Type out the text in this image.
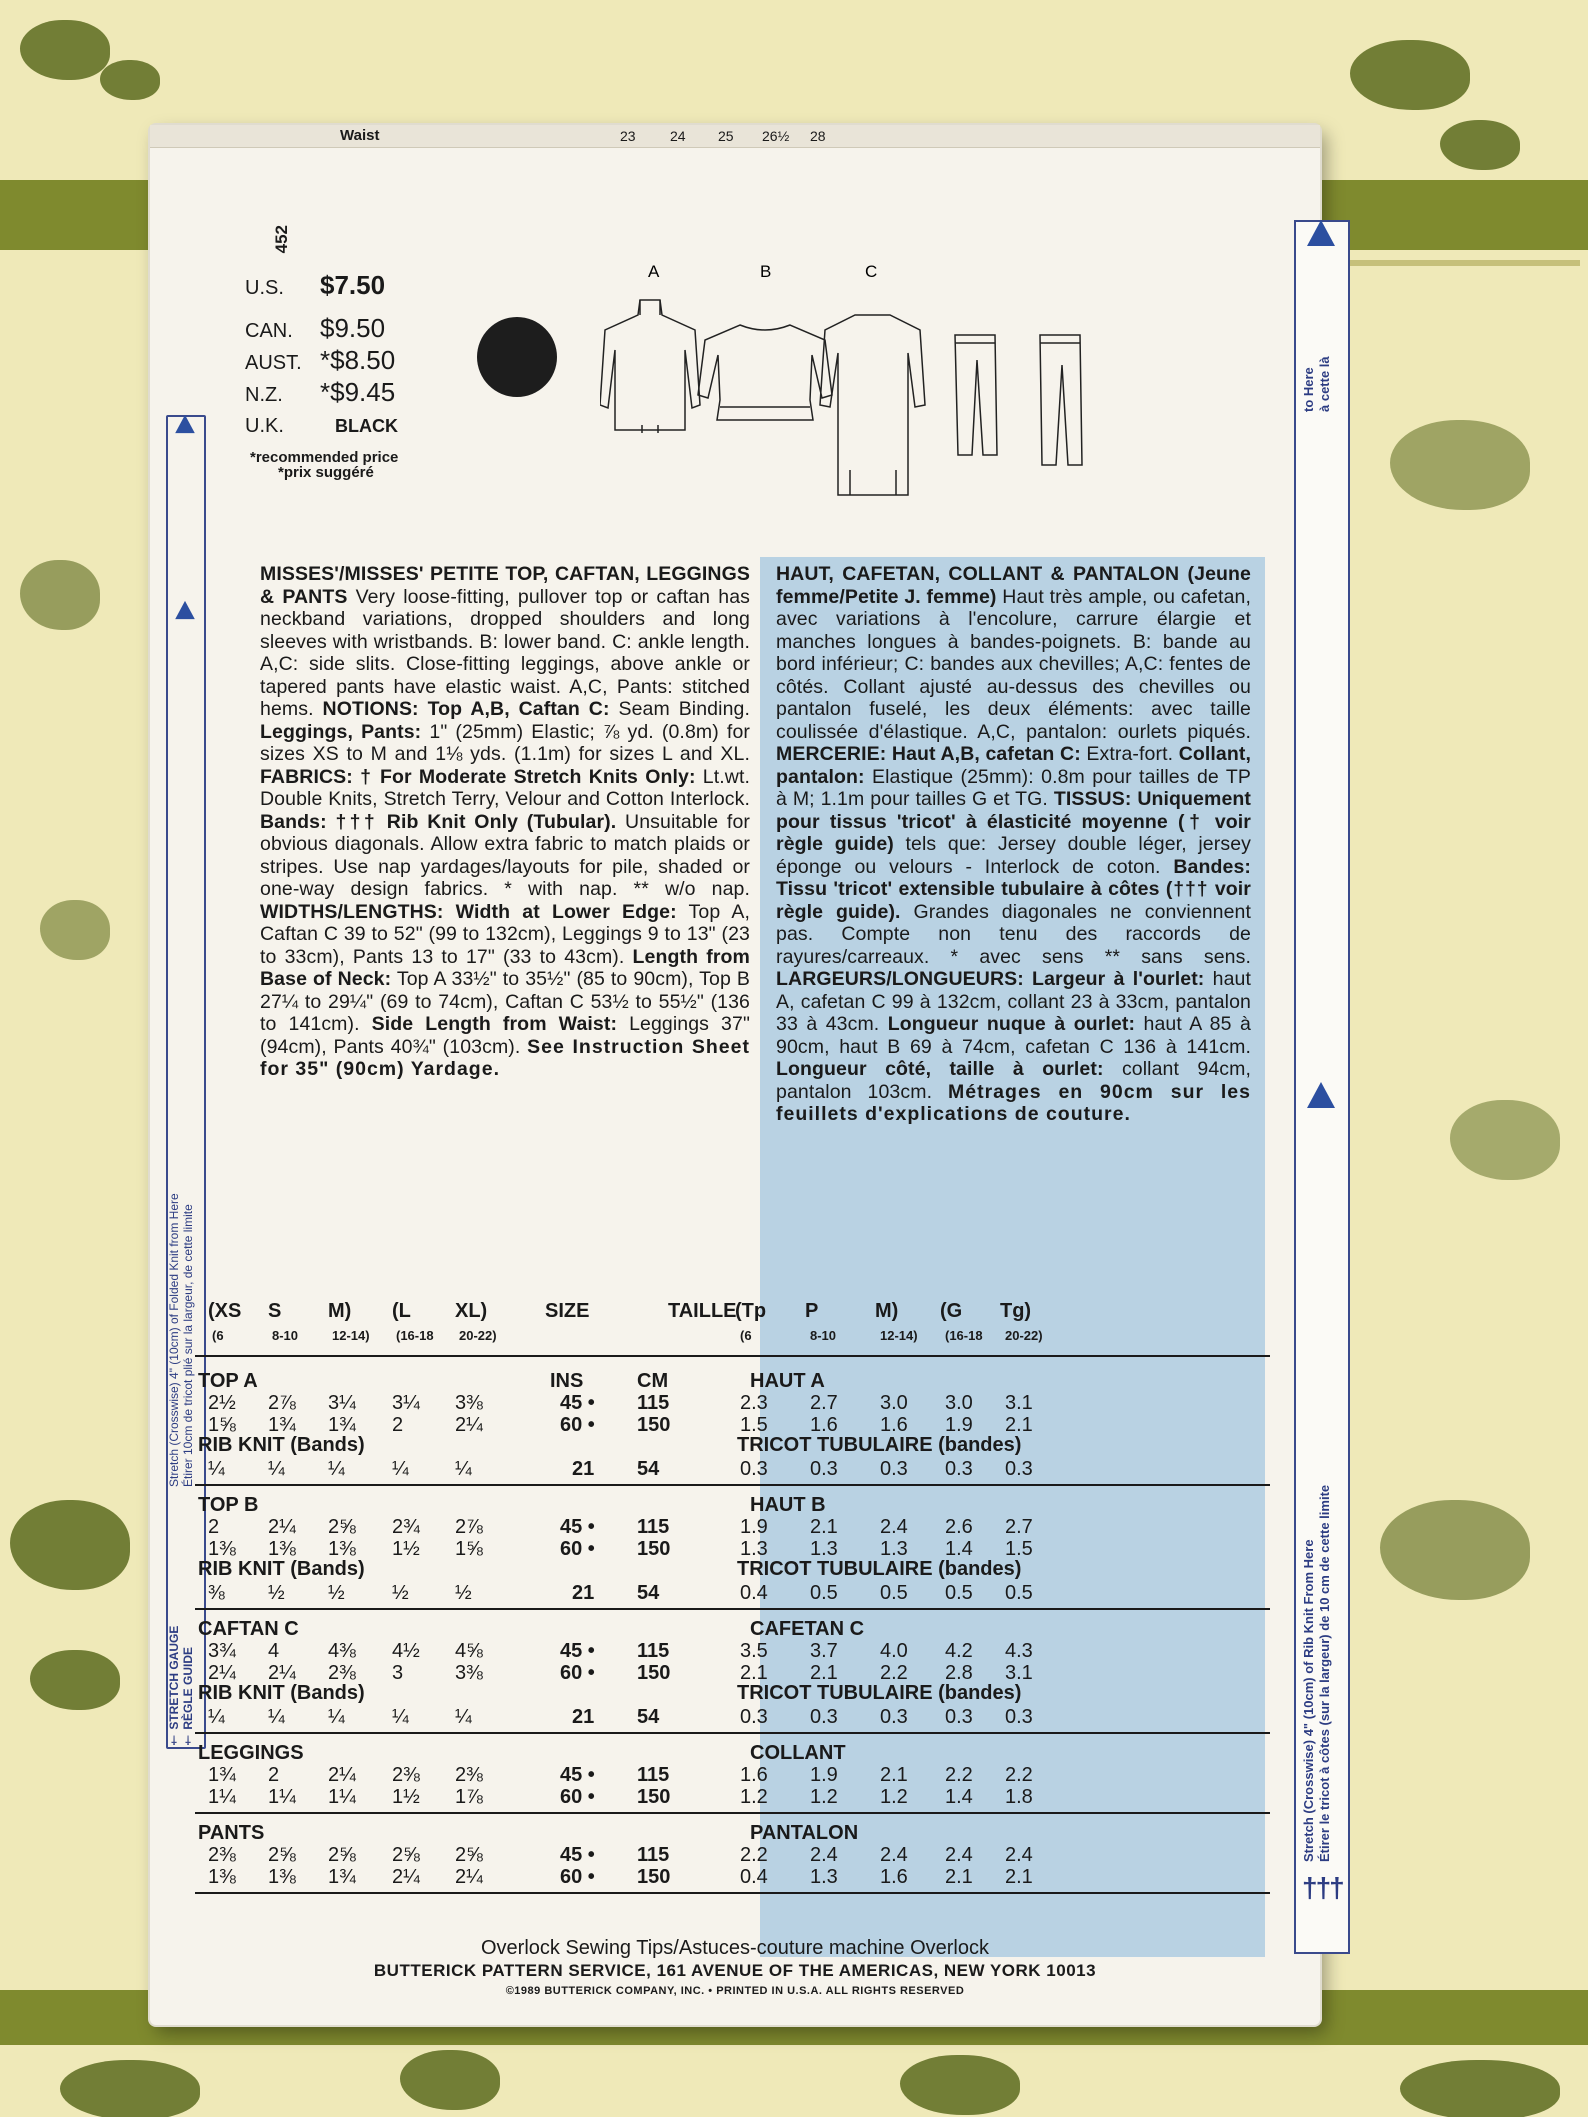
Waist	23 24 25 26½ 28
452
† STRETCH GAUGE † RÈGLE GUIDE
Stretch (Crosswise) 4" (10cm) of Folded Knit from Here Étirer 10cm de tricot plié sur la largeur, de cette limite
to Here à cette là
Stretch (Crosswise) 4" (10cm) of Rib Knit From Here Étirer le tricot à côtes (sur la largeur) de 10 cm de cette limite
†††
U.S. $7.50
CAN. $9.50
AUST. *$8.50
N.Z. *$9.45
U.K.	BLACK
*recommended price
*prix suggéré
A	B	C
MISSES'/MISSES' PETITE TOP, CAFTAN, LEGGINGS & PANTS Very loose-fitting, pullover top or caftan has neckband variations, dropped shoulders and long sleeves with wristbands. B: lower band. C: ankle length. A,C: side slits. Close-fitting leggings, above ankle or tapered pants have elastic waist. A,C, Pants: stitched hems. NOTIONS: Top A,B, Caftan C: Seam Binding. Leggings, Pants: 1" (25mm) Elastic; ⅞ yd. (0.8m) for sizes XS to M and 1⅛ yds. (1.1m) for sizes L and XL. FABRICS: † For Moderate Stretch Knits Only: Lt.wt. Double Knits, Stretch Terry, Velour and Cotton Interlock. Bands: ††† Rib Knit Only (Tubular). Unsuitable for obvious diagonals. Allow extra fabric to match plaids or stripes. Use nap yardages/layouts for pile, shaded or one-way design fabrics. * with nap. ** w/o nap. WIDTHS/LENGTHS: Width at Lower Edge: Top A, Caftan C 39 to 52" (99 to 132cm), Leggings 9 to 13" (23 to 33cm), Pants 13 to 17" (33 to 43cm). Length from Base of Neck: Top A 33½" to 35½" (85 to 90cm), Top B 27¼ to 29¼" (69 to 74cm), Caftan C 53½ to 55½" (136 to 141cm). Side Length from Waist: Leggings 37" (94cm), Pants 40¾" (103cm). See Instruction Sheet for 35" (90cm) Yardage.
HAUT, CAFETAN, COLLANT & PANTALON (Jeune femme/Petite J. femme) Haut très ample, ou cafetan, avec variations à l'encolure, carrure élargie et manches longues à bandes-poignets. B: bande au bord inférieur; C: bandes aux chevilles; A,C: fentes de côtés. Collant ajusté au-dessus des chevilles ou pantalon fuselé, les deux éléments: avec taille coulissée d'élastique. A,C, pantalon: ourlets piqués. MERCERIE: Haut A,B, cafetan C: Extra-fort. Collant, pantalon: Elastique (25mm): 0.8m pour tailles de TP à M; 1.1m pour tailles G et TG. TISSUS: Uniquement pour tissus 'tricot' à élasticité moyenne († voir règle guide) tels que: Jersey double léger, jersey éponge ou velours - Interlock de coton. Bandes: Tissu 'tricot' extensible tubulaire à côtes (††† voir règle guide). Grandes diagonales ne conviennent pas. Compte non tenu des raccords de rayures/carreaux. * avec sens ** sans sens. LARGEURS/LONGUEURS: Largeur à l'ourlet: haut A, cafetan C 99 à 132cm, collant 23 à 33cm, pantalon 33 à 43cm. Longueur nuque à ourlet: haut A 85 à 90cm, haut B 69 à 74cm, cafetan C 136 à 141cm. Longueur côté, taille à ourlet: collant 94cm, pantalon 103cm. Métrages en 90cm sur les feuillets d'explications de couture.
(XS S M) (L XL)
(6	8-10	12-14) (16-18 20-22)
SIZE	TAILLE
(Tp P	M) (G Tg)
(6	8-10	12-14) (16-18 20-22)
INS	CM
TOP A	HAUT A
2½ 2⅞ 3¼ 3¼ 3⅜	45 • 115	2.3 2.7 3.0 3.0 3.1
1⅝ 1¾ 1¾ 2	2¼	60 • 150	1.5 1.6 1.6 1.9 2.1
RIB KNIT (Bands)	TRICOT TUBULAIRE (bandes)
¼ ¼ ¼ ¼ ¼	21 54	0.3 0.3 0.3 0.3 0.3
TOP B	HAUT B
2 2¼ 2⅝ 2¾ 2⅞	45 • 115	1.9 2.1 2.4 2.6 2.7
1⅜ 1⅜ 1⅜ 1½ 1⅝	60 • 150	1.3 1.3 1.3 1.4 1.5
RIB KNIT (Bands)	TRICOT TUBULAIRE (bandes)
⅜ ½ ½ ½ ½	21 54	0.4 0.5 0.5 0.5 0.5
CAFTAN C	CAFETAN C
3¾ 4 4⅜ 4½ 4⅝	45 • 115	3.5 3.7 4.0 4.2 4.3
2¼ 2¼ 2⅜ 3	3⅜	60 • 150	2.1 2.1 2.2 2.8 3.1
RIB KNIT (Bands)	TRICOT TUBULAIRE (bandes)
¼ ¼ ¼ ¼ ¼	21 54	0.3 0.3 0.3 0.3 0.3
LEGGINGS	COLLANT
1¾ 2 2¼ 2⅜ 2⅜	45 • 115	1.6 1.9 2.1 2.2 2.2
1¼ 1¼ 1¼ 1½ 1⅞	60 • 150	1.2 1.2 1.2 1.4 1.8
PANTS	PANTALON
2⅜ 2⅝ 2⅝ 2⅝ 2⅝	45 • 115	2.2 2.4 2.4 2.4 2.4
1⅜ 1⅜ 1¾ 2¼ 2¼	60 • 150	0.4 1.3 1.6 2.1 2.1
Overlock Sewing Tips/Astuces-couture machine Overlock
BUTTERICK PATTERN SERVICE, 161 AVENUE OF THE AMERICAS, NEW YORK 10013
©1989 BUTTERICK COMPANY, INC. • PRINTED IN U.S.A. ALL RIGHTS RESERVED
